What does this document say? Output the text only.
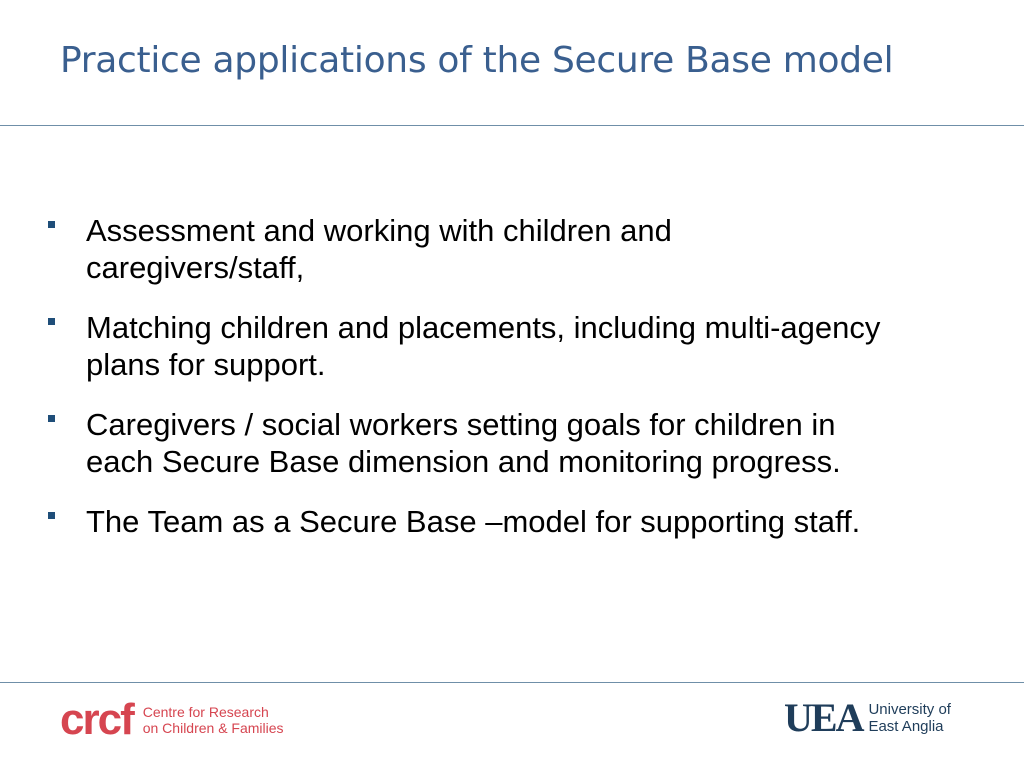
Practice applications of the Secure Base model
Assessment and working with children and
caregivers/staff,
Matching children and placements, including multi-agency
plans for support.
Caregivers / social workers setting goals for children in
each Secure Base dimension and monitoring progress.
The Team as a Secure Base –model for supporting staff.
crcf Centre for Research
on Children & Families	UEA University of
East Anglia
